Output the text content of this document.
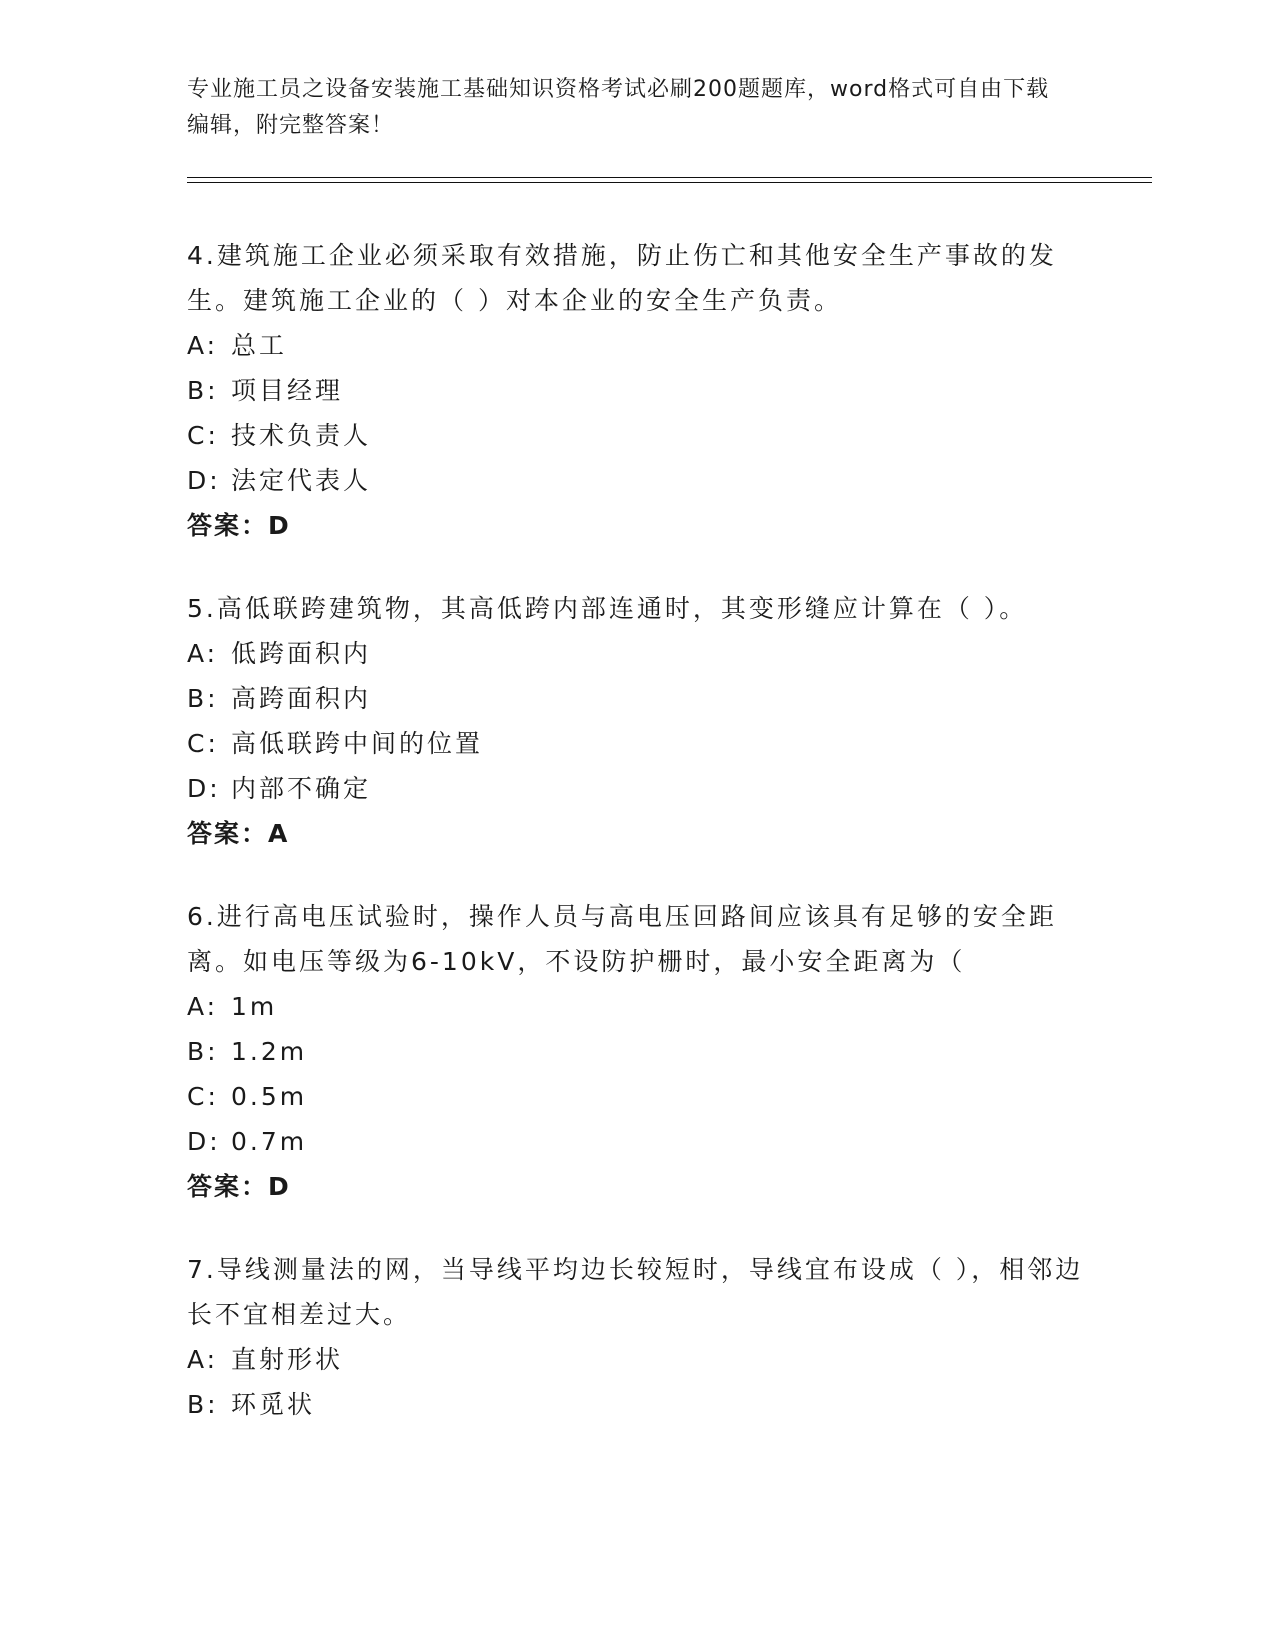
专业施工员之设备安装施工基础知识资格考试必刷200题题库，word格式可自由下载编辑，附完整答案！

4.建筑施工企业必须采取有效措施，防止伤亡和其他安全生产事故的发生。建筑施工企业的（ ）对本企业的安全生产负责。

A: 总工
B: 项目经理
C: 技术负责人
D: 法定代表人
答案：D

5.高低联跨建筑物，其高低跨内部连通时，其变形缝应计算在（ ）。

A: 低跨面积内
B: 高跨面积内
C: 高低联跨中间的位置
D: 内部不确定
答案：A

6.进行高电压试验时，操作人员与高电压回路间应该具有足够的安全距离。如电压等级为6-10kV，不设防护栅时，最小安全距离为（

A: 1m
B: 1.2m
C: 0.5m
D: 0.7m
答案：D

7.导线测量法的网，当导线平均边长较短时，导线宜布设成（ ），相邻边长不宜相差过大。

A: 直射形状
B: 环觅状
